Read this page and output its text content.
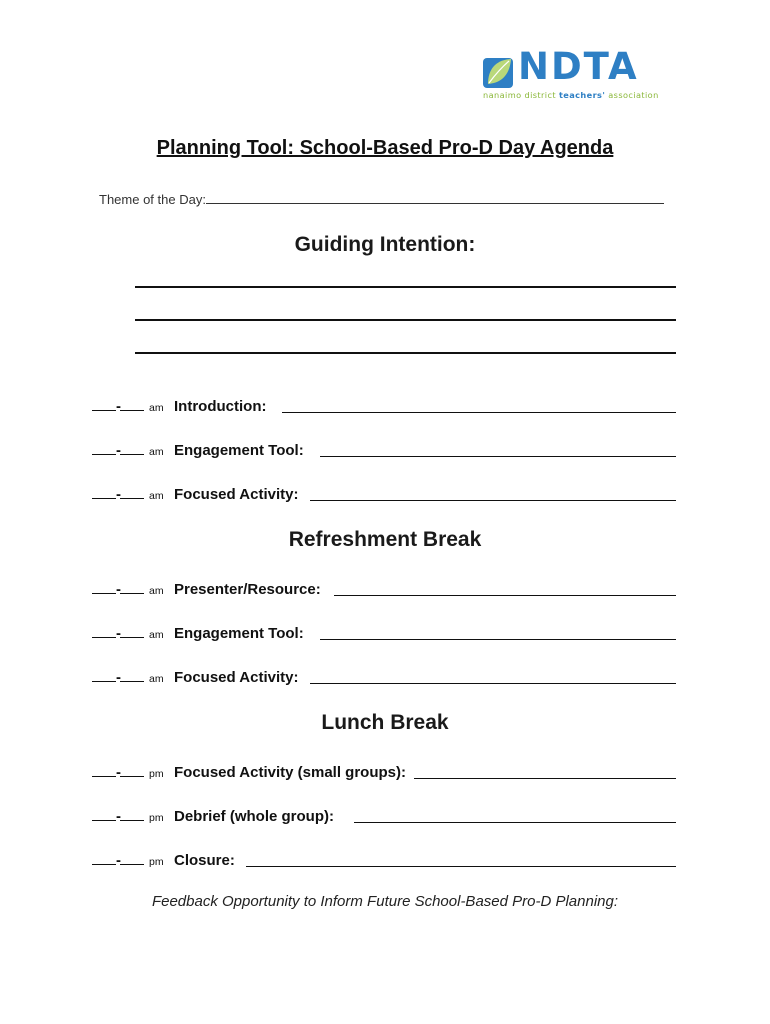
NDTA
nanaimo district teachers' association
Planning Tool: School-Based Pro-D Day Agenda
Theme of the Day:
Guiding Intention:
-	am Introduction:
-	am Engagement Tool:
-	am Focused Activity:
Refreshment Break
-	am Presenter/Resource:
-	am Engagement Tool:
-	am Focused Activity:
Lunch Break
-	pm Focused Activity (small groups):
-	pm Debrief (whole group):
-	pm Closure:
Feedback Opportunity to Inform Future School-Based Pro-D Planning:
